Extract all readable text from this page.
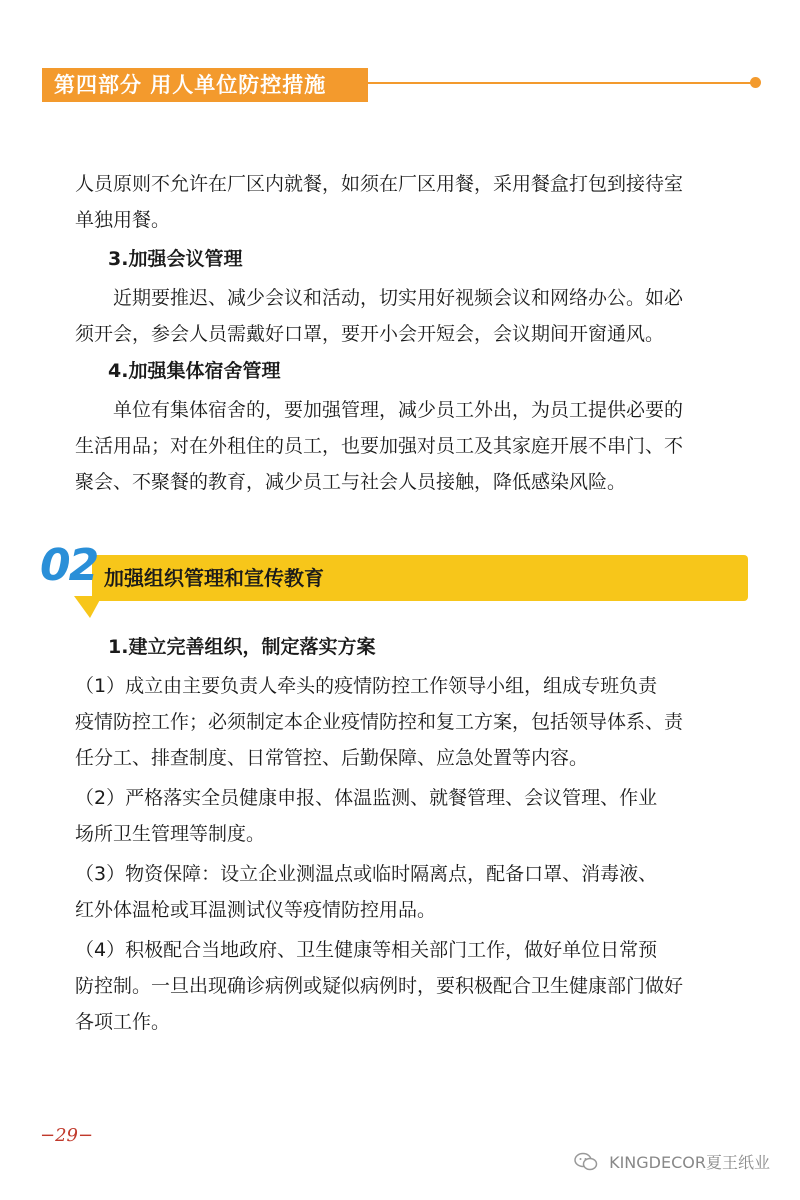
第四部分 用人单位防控措施

人员原则不允许在厂区内就餐，如须在厂区用餐，采用餐盒打包到接待室

单独用餐。

3.加强会议管理

近期要推迟、减少会议和活动，切实用好视频会议和网络办公。如必

须开会，参会人员需戴好口罩，要开小会开短会，会议期间开窗通风。

4.加强集体宿舍管理

单位有集体宿舍的，要加强管理，减少员工外出，为员工提供必要的

生活用品；对在外租住的员工，也要加强对员工及其家庭开展不串门、不

聚会、不聚餐的教育，减少员工与社会人员接触，降低感染风险。

02 加强组织管理和宣传教育

1.建立完善组织，制定落实方案

（1）成立由主要负责人牵头的疫情防控工作领导小组，组成专班负责

疫情防控工作；必须制定本企业疫情防控和复工方案，包括领导体系、责

任分工、排查制度、日常管控、后勤保障、应急处置等内容。

（2）严格落实全员健康申报、体温监测、就餐管理、会议管理、作业

场所卫生管理等制度。

（3）物资保障：设立企业测温点或临时隔离点，配备口罩、消毒液、

红外体温枪或耳温测试仪等疫情防控用品。

（4）积极配合当地政府、卫生健康等相关部门工作，做好单位日常预

防控制。一旦出现确诊病例或疑似病例时，要积极配合卫生健康部门做好

各项工作。

−29−
KINGDECOR夏王纸业
